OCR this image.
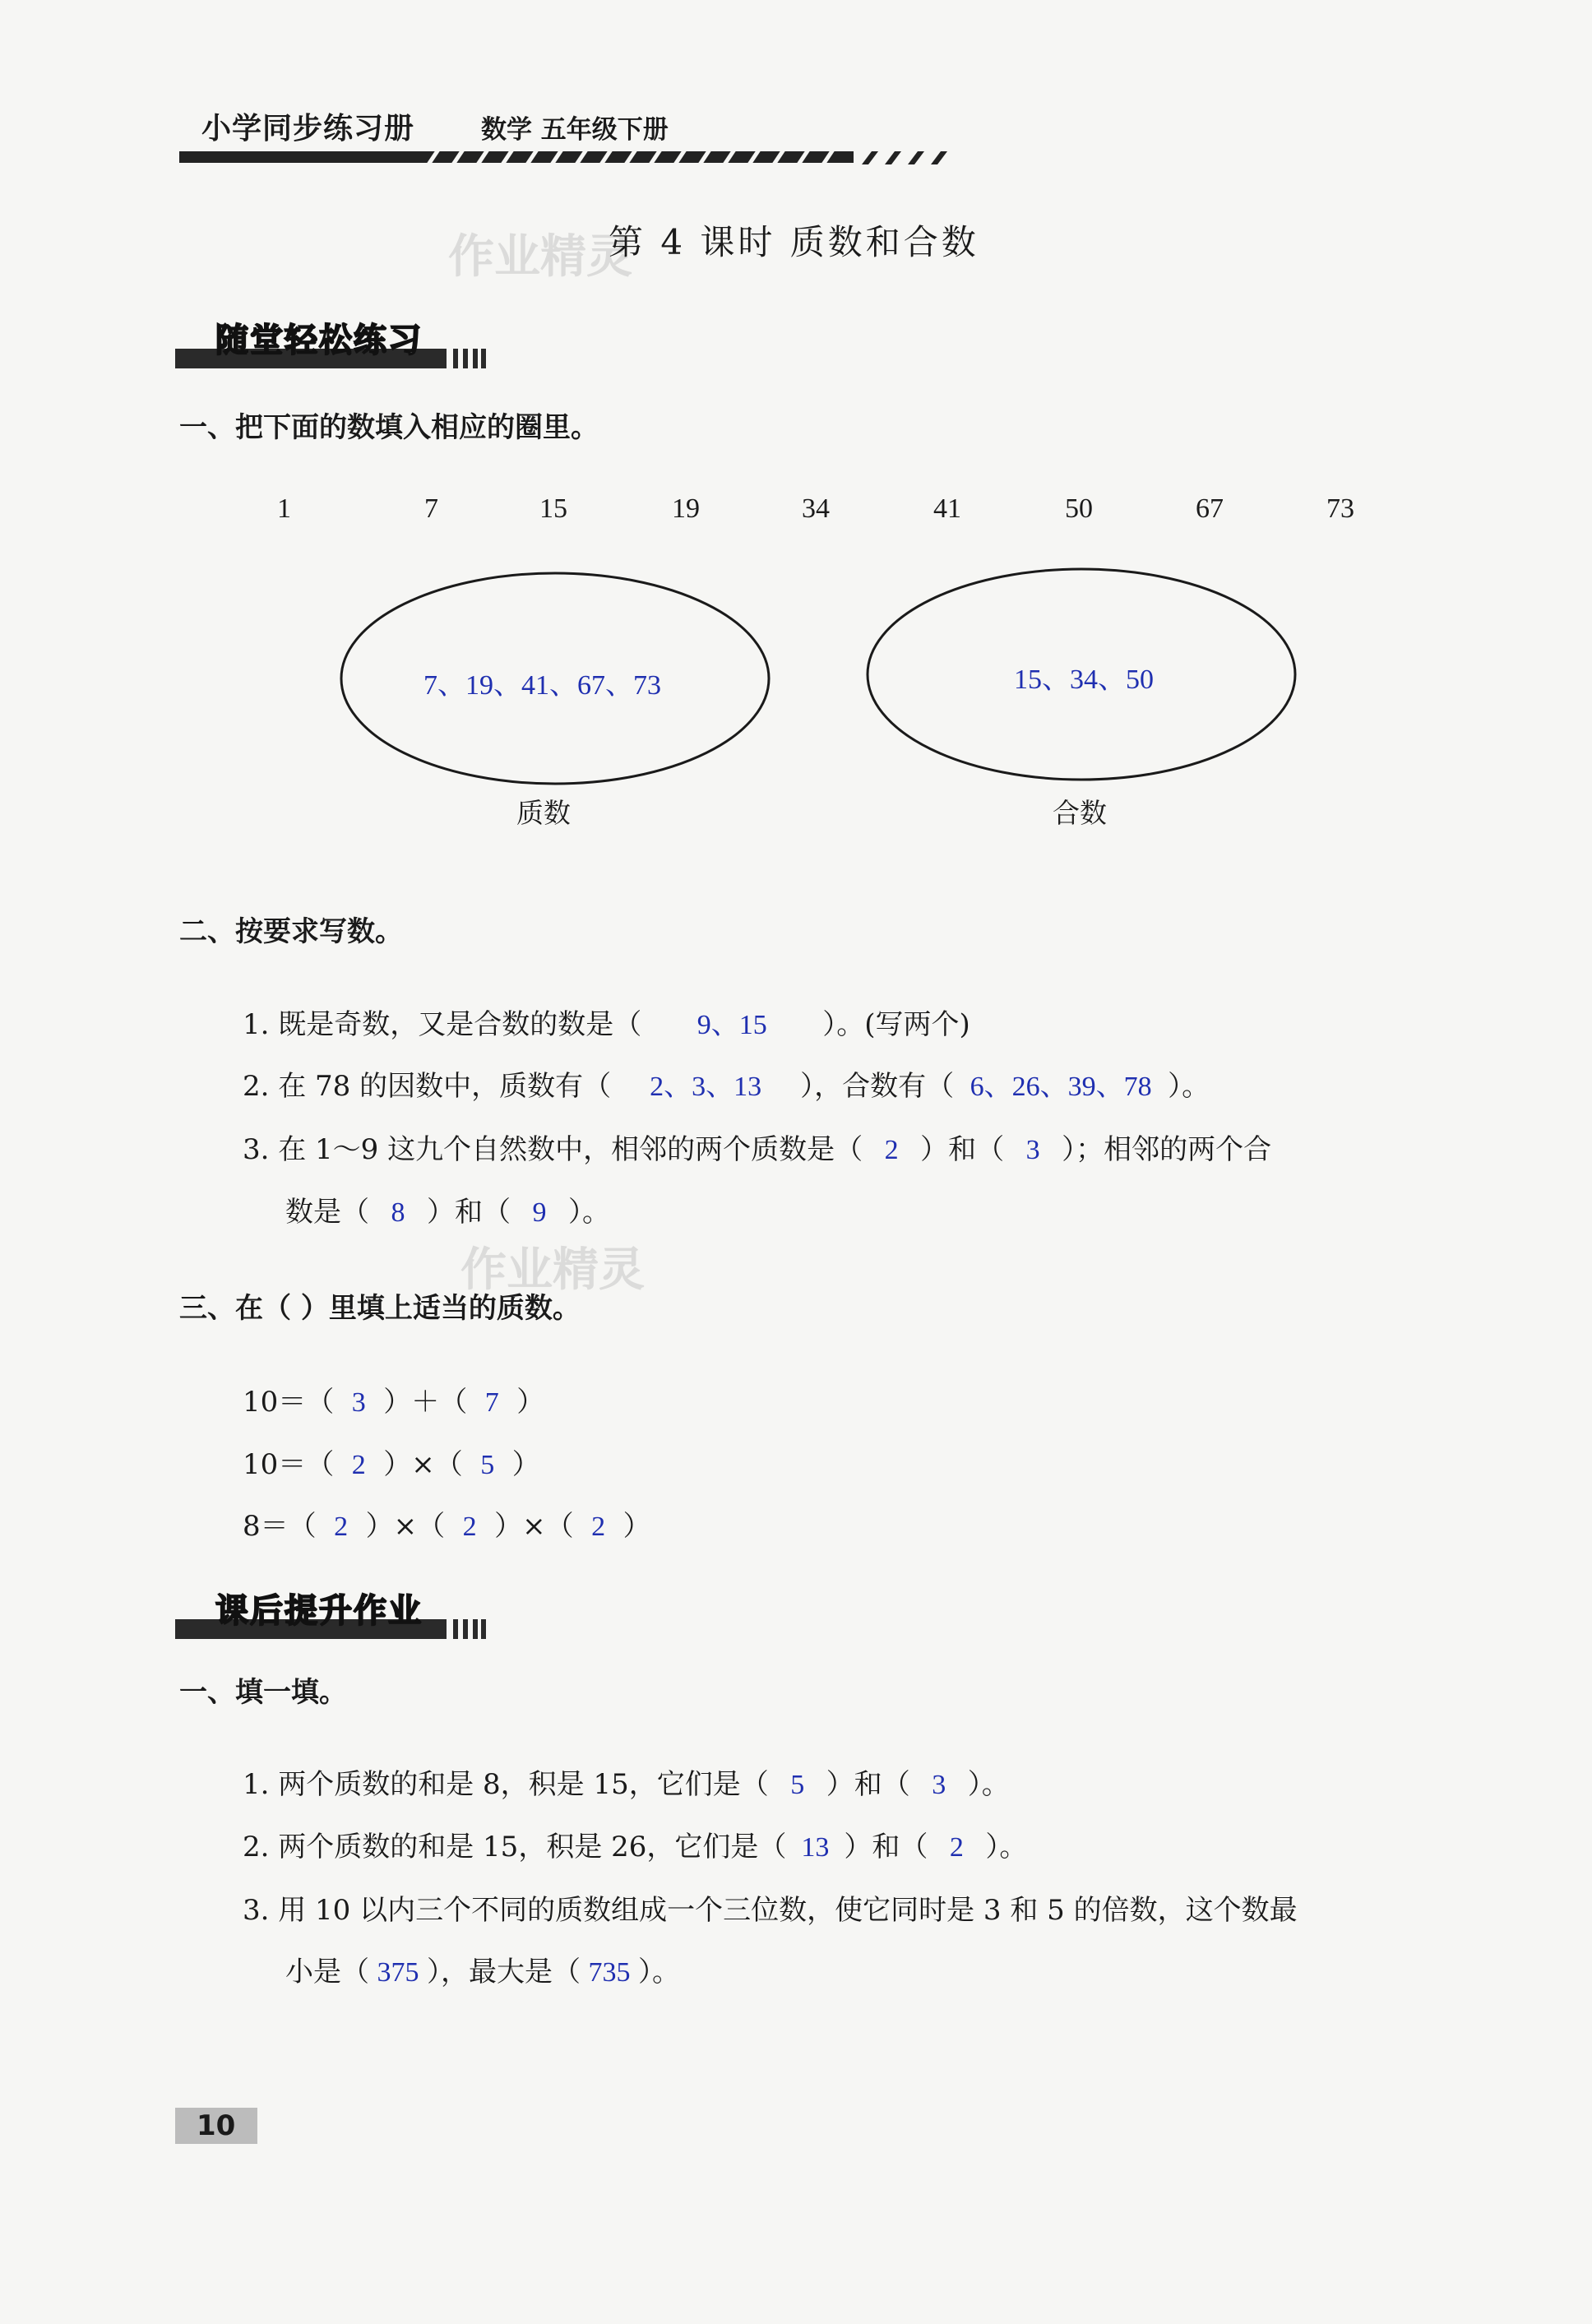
小学同步练习册	数学 五年级下册
作业精灵
第 4 课时 质数和合数
随堂轻松练习
一、把下面的数填入相应的圈里。
1	7	15	19	34	41	50	67	73
7、19、41、67、73
质数
15、34、50
合数
二、按要求写数。
1. 既是奇数，又是合数的数是（ 9、15 ）。(写两个)
2. 在 78 的因数中，质数有（ 2、3、13 ），合数有（ 6、26、39、78 ）。
3. 在 1～9 这九个自然数中，相邻的两个质数是（ 2 ）和（ 3 ）；相邻的两个合
数是（ 8 ）和（ 9 ）。
作业精灵
三、在（ ）里填上适当的质数。
10＝（ 3 ）＋（ 7 ）
10＝（ 2 ）×（ 5 ）
8＝（ 2 ）×（ 2 ）×（ 2 ）
课后提升作业
一、填一填。
1. 两个质数的和是 8，积是 15，它们是（ 5 ）和（ 3 ）。
2. 两个质数的和是 15，积是 26，它们是（ 13 ）和（ 2 ）。
3. 用 10 以内三个不同的质数组成一个三位数，使它同时是 3 和 5 的倍数，这个数最
小是（ 375 ），最大是（ 735 ）。
10
